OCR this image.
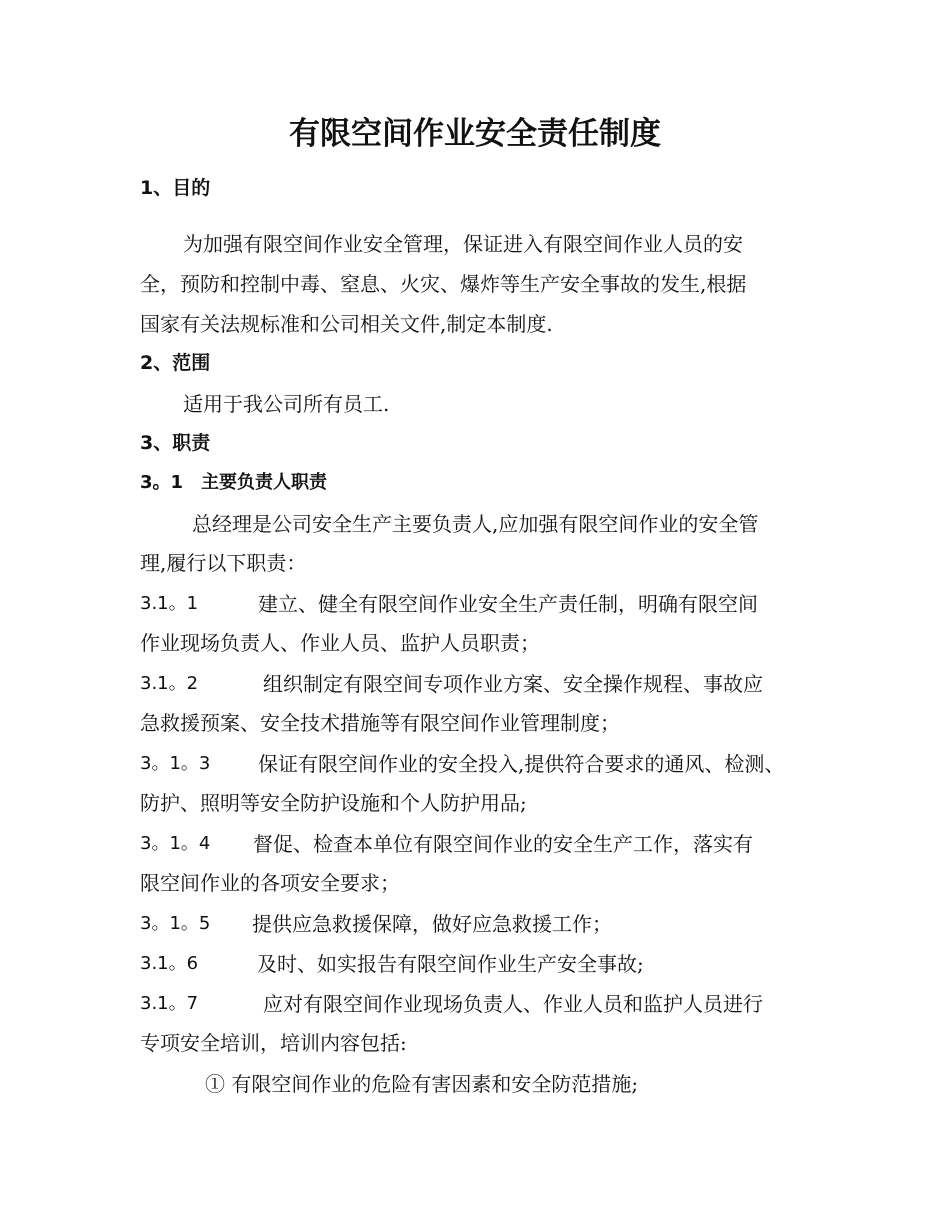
有限空间作业安全责任制度
1、目的
为加强有限空间作业安全管理，保证进入有限空间作业人员的安
全，预防和控制中毒、窒息、火灾、爆炸等生产安全事故的发生,根据
国家有关法规标准和公司相关文件,制定本制度.
2、范围
适用于我公司所有员工.
3、职责
3。1　主要负责人职责
总经理是公司安全生产主要负责人,应加强有限空间作业的安全管
理,履行以下职责：
3.1。1	建立、健全有限空间作业安全生产责任制，明确有限空间
作业现场负责人、作业人员、监护人员职责；
3.1。2	组织制定有限空间专项作业方案、安全操作规程、事故应
急救援预案、安全技术措施等有限空间作业管理制度；
3。1。3 保证有限空间作业的安全投入,提供符合要求的通风、检测、
防护、照明等安全防护设施和个人防护用品;
3。1。4 督促、检查本单位有限空间作业的安全生产工作，落实有
限空间作业的各项安全要求；
3。1。5 提供应急救援保障，做好应急救援工作；
3.1。6	及时、如实报告有限空间作业生产安全事故;
3.1。7	应对有限空间作业现场负责人、作业人员和监护人员进行
专项安全培训，培训内容包括:
① 有限空间作业的危险有害因素和安全防范措施;
